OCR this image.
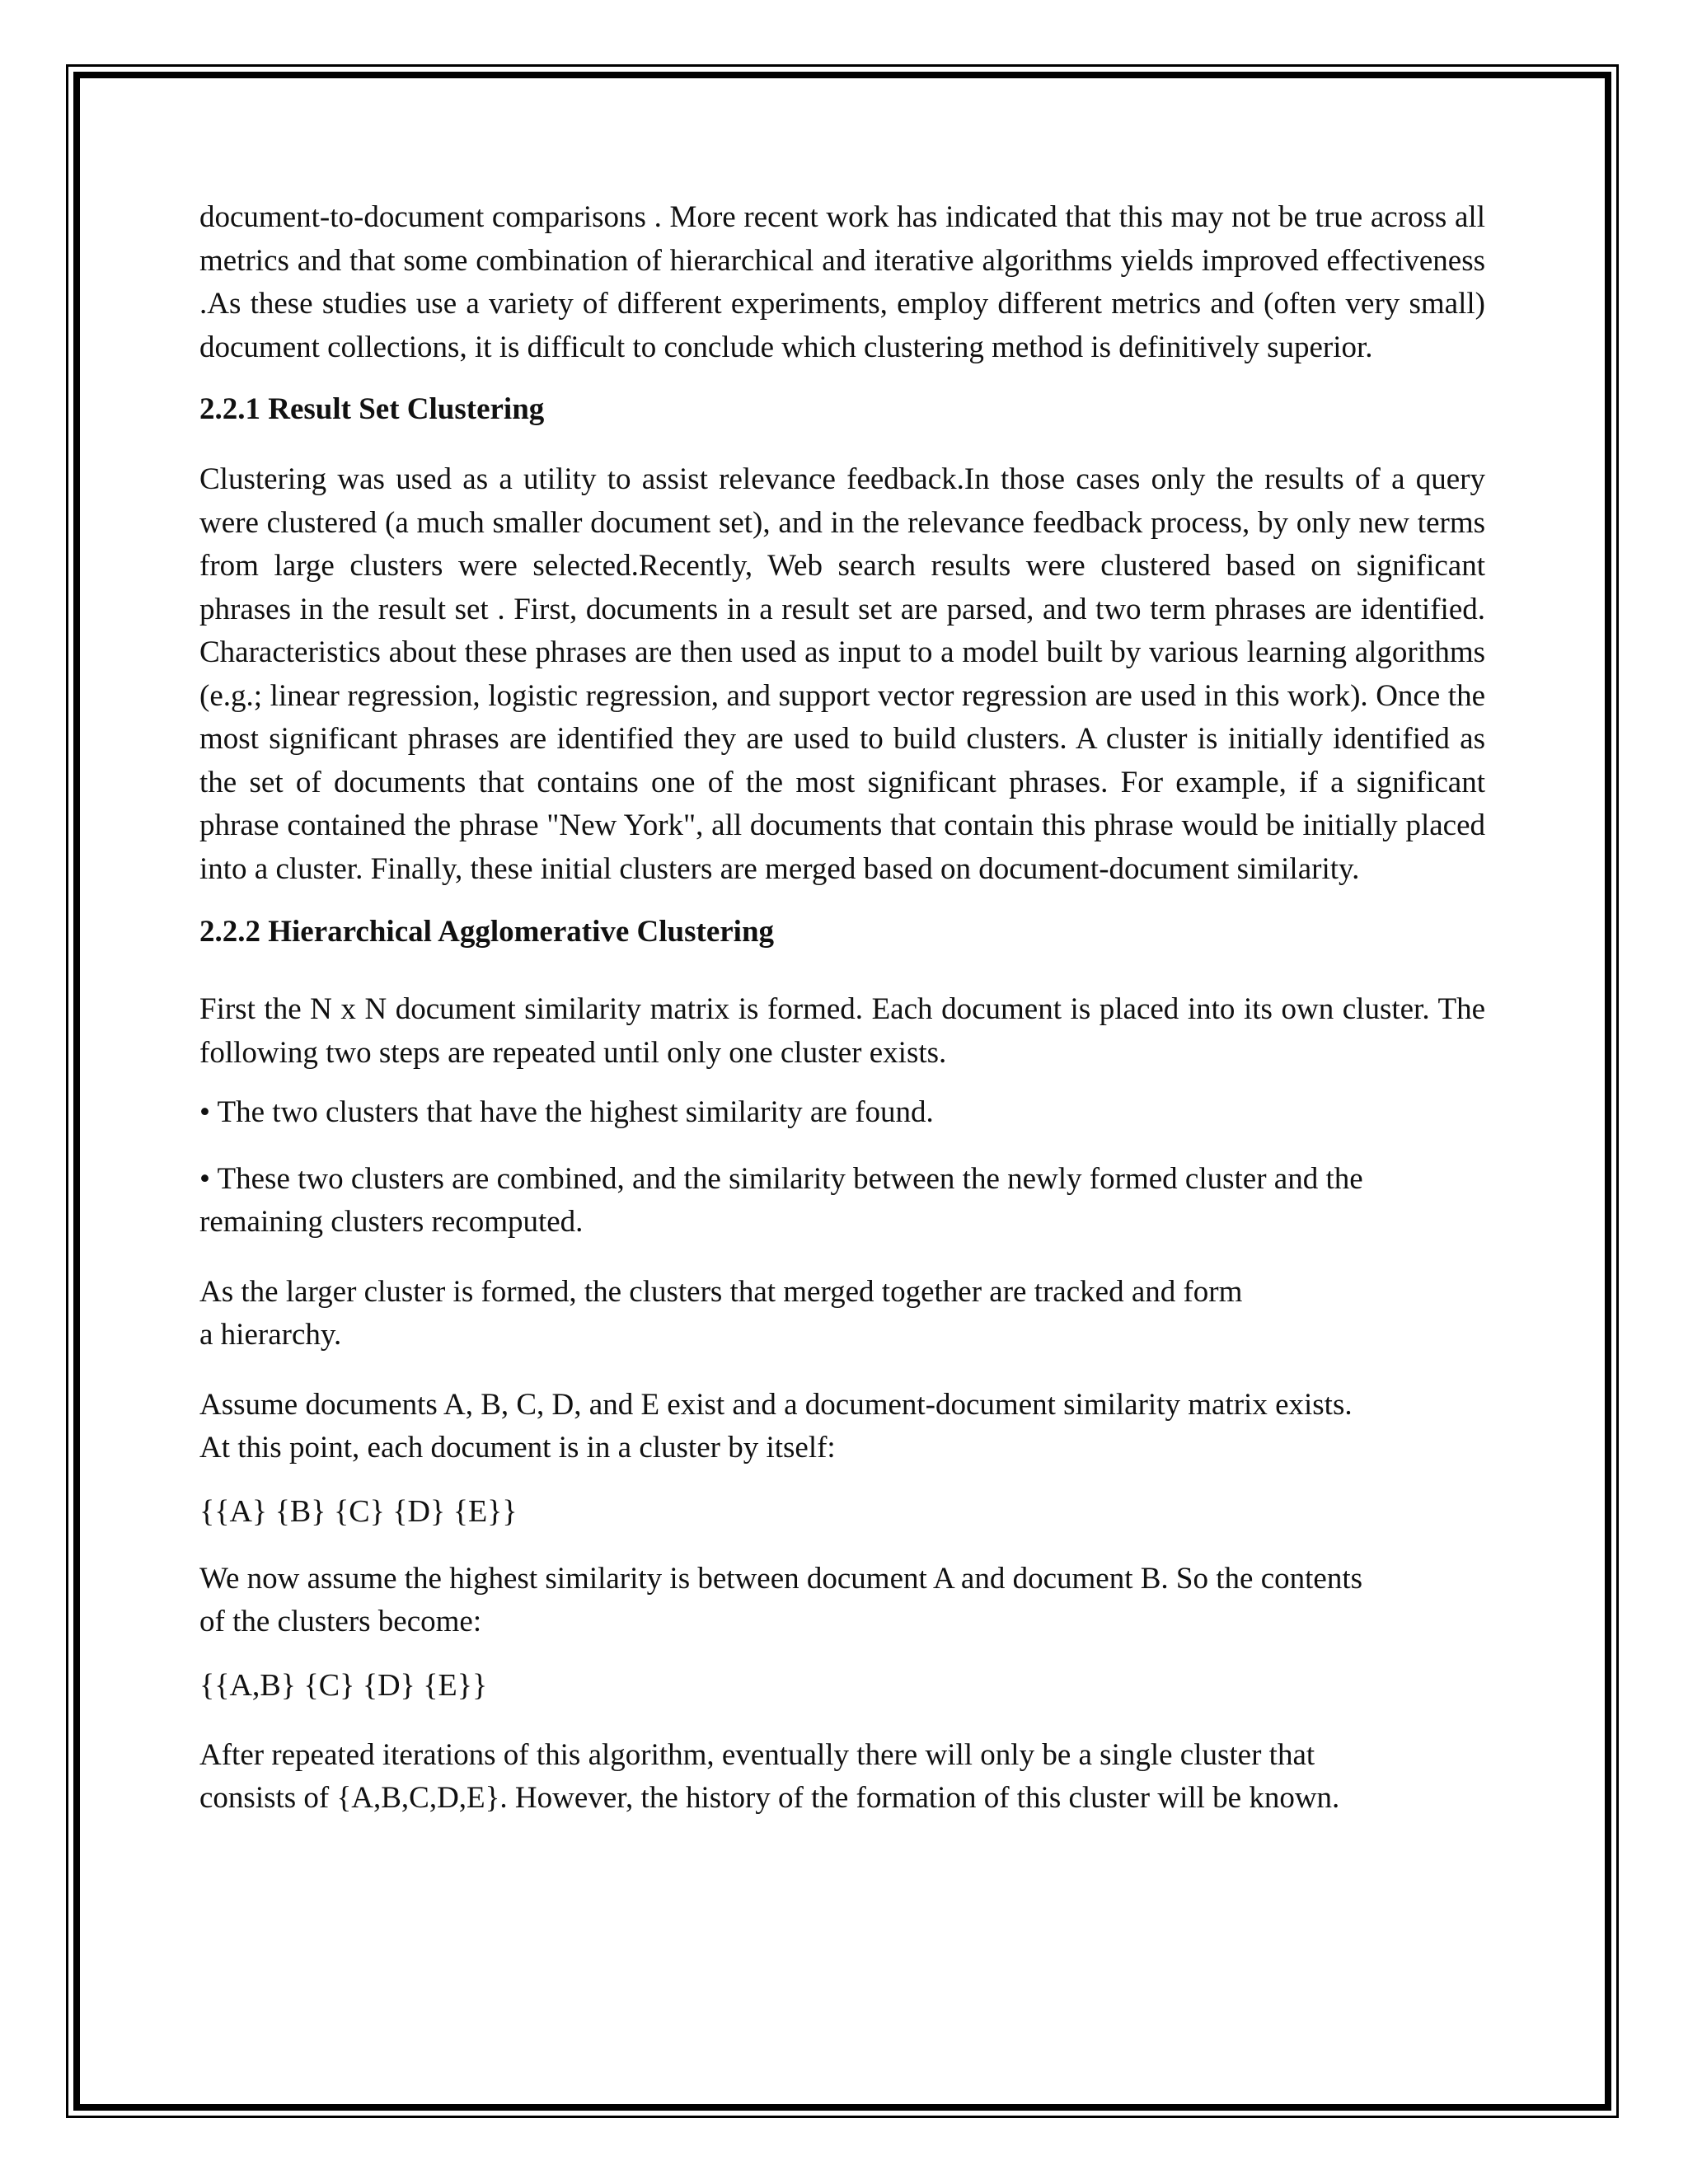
document-to-document comparisons . More recent work has indicated that this may not be true across all metrics and that some combination of hierarchical and iterative algorithms yields improved effectiveness .As these studies use a variety of different experiments, employ different metrics and (often very small) document collections, it is difficult to conclude which clustering method is definitively superior.

2.2.1 Result Set Clustering

Clustering was used as a utility to assist relevance feedback.In those cases only the results of a query were clustered (a much smaller document set), and in the relevance feedback process, by only new terms from large clusters were selected.Recently, Web search results were clustered based on significant phrases in the result set . First, documents in a result set are parsed, and two term phrases are identified. Characteristics about these phrases are then used as input to a model built by various learning algorithms (e.g.; linear regression, logistic regression, and support vector regression are used in this work). Once the most significant phrases are identified they are used to build clusters. A cluster is initially identified as the set of documents that contains one of the most significant phrases. For example, if a significant phrase contained the phrase "New York", all documents that contain this phrase would be initially placed into a cluster. Finally, these initial clusters are merged based on document-document similarity.

2.2.2 Hierarchical Agglomerative Clustering

First the N x N document similarity matrix is formed. Each document is placed into its own cluster. The following two steps are repeated until only one cluster exists.

• The two clusters that have the highest similarity are found.

• These two clusters are combined, and the similarity between the newly formed cluster and the remaining clusters recomputed.

As the larger cluster is formed, the clusters that merged together are tracked and form
a hierarchy.

Assume documents A, B, C, D, and E exist and a document-document similarity matrix exists.
At this point, each document is in a cluster by itself:

{{A} {B} {C} {D} {E}}

We now assume the highest similarity is between document A and document B. So the contents
of the clusters become:

{{A,B} {C} {D} {E}}

After repeated iterations of this algorithm, eventually there will only be a single cluster that
consists of {A,B,C,D,E}. However, the history of the formation of this cluster will be known.
